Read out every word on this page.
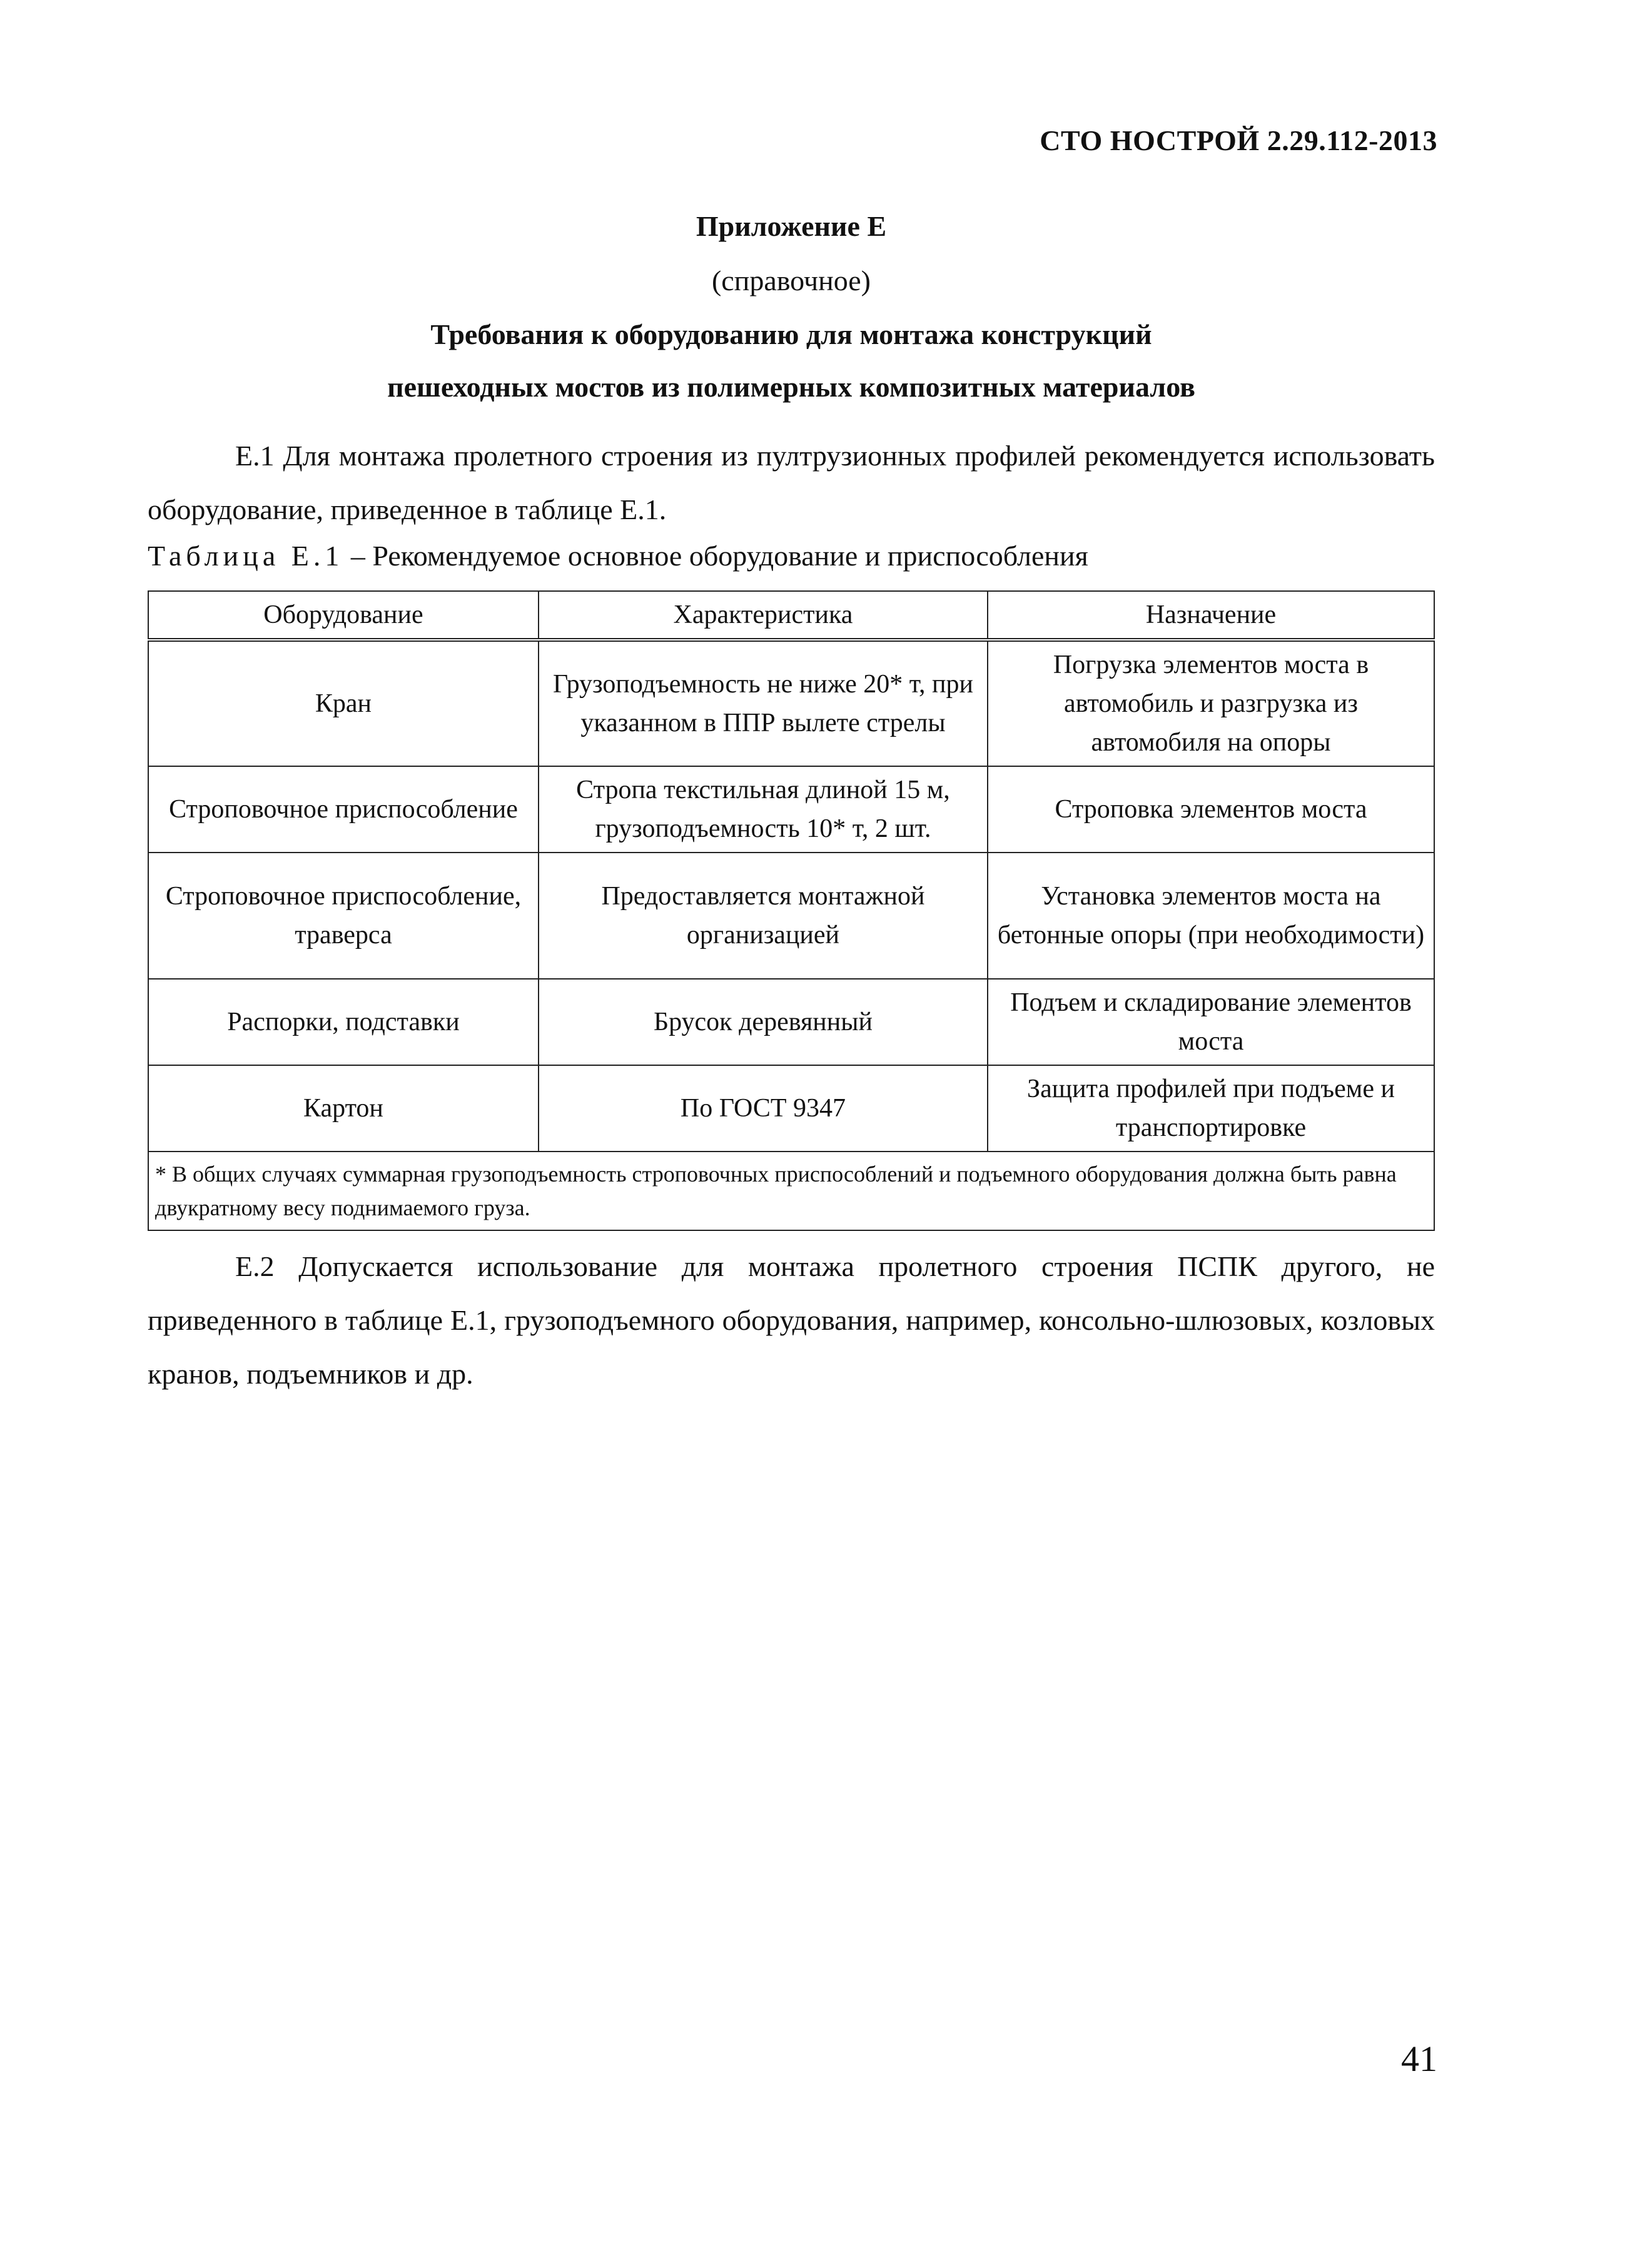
СТО НОСТРОЙ 2.29.112-2013
Приложение Е
(справочное)
Требования к оборудованию для монтажа конструкций
пешеходных мостов из полимерных композитных материалов

Е.1 Для монтажа пролетного строения из пултрузионных профилей рекомендуется использовать оборудование, приведенное в таблице Е.1.

Таблица Е.1 – Рекомендуемое основное оборудование и приспособления
Оборудование	Характеристика	Назначение
Кран	Грузоподъемность не ниже 20* т, при указанном в ППР вылете стрелы	Погрузка элементов моста в автомобиль и разгрузка из автомобиля на опоры
Строповочное приспособление	Стропа текстильная длиной 15 м, грузоподъемность 10* т, 2 шт.	Строповка элементов моста
Строповочное приспособление, траверса	Предоставляется монтажной организацией	Установка элементов моста на бетонные опоры (при необходимости)
Распорки, подставки	Брусок деревянный	Подъем и складирование элементов моста
Картон	По ГОСТ 9347	Защита профилей при подъеме и транспортировке
* В общих случаях суммарная грузоподъемность строповочных приспособлений и подъемного оборудования должна быть равна двукратному весу поднимаемого груза.		

Е.2 Допускается использование для монтажа пролетного строения ПСПК другого, не приведенного в таблице Е.1, грузоподъемного оборудования, например, консольно-шлюзовых, козловых кранов, подъемников и др.

41
